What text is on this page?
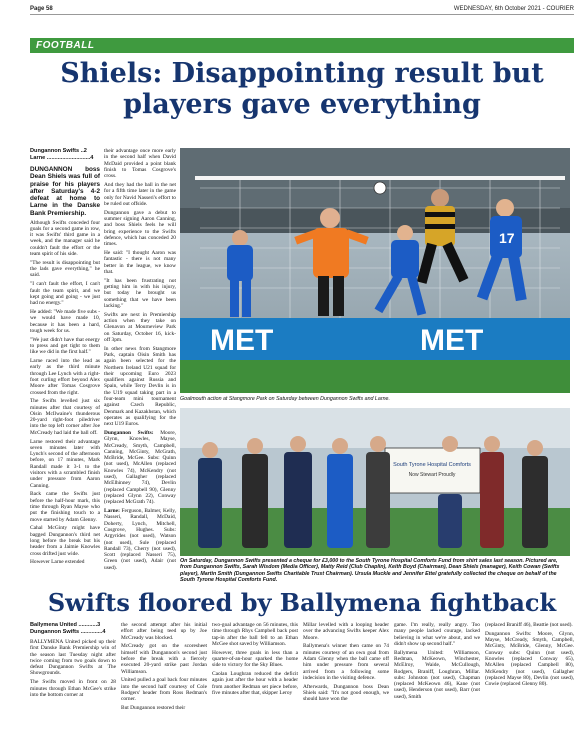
Page 58	WEDNESDAY, 6th October 2021 - COURIER
FOOTBALL
Shiels: Disappointing result but players gave everything
Dungannon Swifts ..2
Larne ............................4

DUNGANNON boss Dean Shiels was full of praise for his players after Saturday's 4-2 defeat at home to Larne in the Danske Bank Premiership.

Although Swifts conceded four goals for a second game in row, it was Swifts' third game in a week, and the manager said he couldn't fault the effort or the team spirit of his side.

"The result is disappointing but the lads gave everything," he said.

"I can't fault the effort, I can't fault the team spirit, and we kept going and going - we just had no energy."

He added: "We made five subs - we would have made 10, because it has been a hard, tough week for us.

"We just didn't have that energy to press and get tight to them like we did in the first half."

Larne raced into the lead as early as the third minute through Lee Lynch with a right-foot curling effort beyond Alex Moore after Tomas Cosgrove crossed from the right.

The Swifts levelled just six minutes after that courtesy of Oisin McIlwaine's thunderous 20-yard right-foot piledriver into the top left corner after Joe McCready had laid the ball off.

Larne restored their advantage seven minutes later with Lynch's second of the afternoon before, on 17 minutes, Mark Randall made it 3-1 to the visitors with a scrambled finish under pressure from Aaron Canning.

Back came the Swifts just before the half-hour mark, this time through Ryan Mayse who put the finishing touch to a move started by Adam Glenny.

Cahal McGinty might have bagged Dungannon's third net long before the break but his header from a Jaimie Knowles cross drifted just wide.

However Larne extended

their advantage once more early in the second half when David McDaid provided a point blank finish to Tomas Cosgrove's cross.

And they had the ball in the net for a fifth time later in the game only for Navid Nasseri's effort to be ruled out offside.

Dungannon gave a debut to summer signing Aaron Canning, and boss Shiels feels he will bring experience to the Swifts defence, which has conceded 20 times.

He said: "I thought Aaron was fantastic - there is not many better in the league, we know that.

"It has been frustrating not getting him in with his injury, but today he brought us something that we have been lacking."

Swifts are next in Premiership action when they take on Glenavon at Mourneview Park on Saturday, October 16, kick-off 3pm.

In other news from Stangmore Park, captain Oisin Smith has again been selected for the Northern Ireland U21 squad for their upcoming Euro 2023 qualifiers against Russia and Spain, while Terry Devlin is in the U19 squad taking part in a four-team mini tournament against Czech Republic, Denmark and Kazakhstan, which operates as qualifying for the next U19 Euros.

Dungannon Swifts: Moore, Glynn, Knowles, Mayse, McCready, Smyth, Campbell, Canning, McGinty, McGrath, McBride, McGee. Subs: Quinn (not used), McAllen (replaced Knowles 74), McKendry (not used), Gallagher (replaced McElhinney 74), Devlin (replaced Campbell 90), Glenny (replaced Glynn 22), Conway (replaced McGrath 74).

Larne: Ferguson, Balmer, Kelly, Nasseri, Randall, McDaid, Doherty, Lynch, Mitchell, Cosgrove, Hughes. Subs: Argyrides (not used), Watson (not used), Sule (replaced Randall 73), Cherry (not used), Scott (replaced Nasseri 75), Green (not used), Adair (not used).

MET	MET
17
Goalmouth action at Stangmore Park on Saturday between Dungannon Swifts and Larne.
South Tyrone Hospital Comforts
Now Stewart Proudly
On Saturday, Dungannon Swifts presented a cheque for £3,000 to the South Tyrone Hospital Comforts Fund from shirt sales last season. Pictured are, from Dungannon Swifts, Sarah Wisdom (Media Officer), Matty Reid (Club Chaplin), Keith Boyd (Chairman), Dean Shiels (manager), Keith Cowan (Swifts player), Martin Smith (Dungannon Swifts Charitable Trust Chairman). Ursula Muckle and Jennifer Ettel gratefully collected the cheque on behalf of the South Tyrone Hospital Comforts Fund.
Swifts floored by Ballymena fightback
Ballymena United ............3
Dungannon Swifts ..............4

BALLYMENA United picked up their first Danske Bank Premiership win of the season last Tuesday night after twice coming from two goals down to defeat Dungannon Swifts at The Showgrounds.

The Swifts moved in front on 28 minutes through Ethan McGee's strike into the bottom corner at

the second attempt after his initial effort after being teed up by Joe McCready was blocked.

McCready got on the scoresheet himself with Dungannon's second just before the break with a fiercely executed 20-yard strike past Jordan Williamson.

United pulled a goal back four minutes into the second half courtesy of Cole Rodgers' header from Ross Redman's corner.

But Dungannon restored their

two-goal advantage on 56 minutes, this time through Rhys Campbell back post tap-in after the ball fell to an Ethan McGee shot saved by Williamson.

However, three goals in less than a quarter-of-an-hour sparked the home side to victory for the Sky Blues.

Caolan Loughran reduced the deficit again just after the hour with a header from another Redman set piece before, five minutes after that, skipper Leroy

Millar levelled with a looping header over the advancing Swifts keeper Alex Moore.

Ballymena's winner then came on 74 minutes courtesy of an own goal from Adam Glenny when the ball came off him under pressure from several arrived from a following some indecision in the visiting defence.

Afterwards, Dungannon boss Dean Shiels said: "It's not good enough, we should have won the

game. I'm really, really angry. Too many people lacked courage, lacked believing in what we're about, and we didn't show up second half."

Ballymena United: Williamson, Redman, McKeown, Winchester, McElroy, Waide, McCullough, Rodgers, Braniff, Loughran, Millar. subs: Johnston (not used), Chapman (replaced McKeown 46), Kane (not used), Henderson (not used), Barr (not used), Smith

(replaced Braniff 46), Beattie (not used).

Dungannon Swifts: Moore, Glynn, Mayse, McCready, Smyth, Campbell, McGinty, McBride, Glenny, McGee. Conway subs: Quinn (not used), Knowles (replaced Conway 65), McAllen (replaced Campbell 80), McKendry (not used), Gallagher (replaced Mayse 80), Devlin (not used), Cowie (replaced Glenny 80).
